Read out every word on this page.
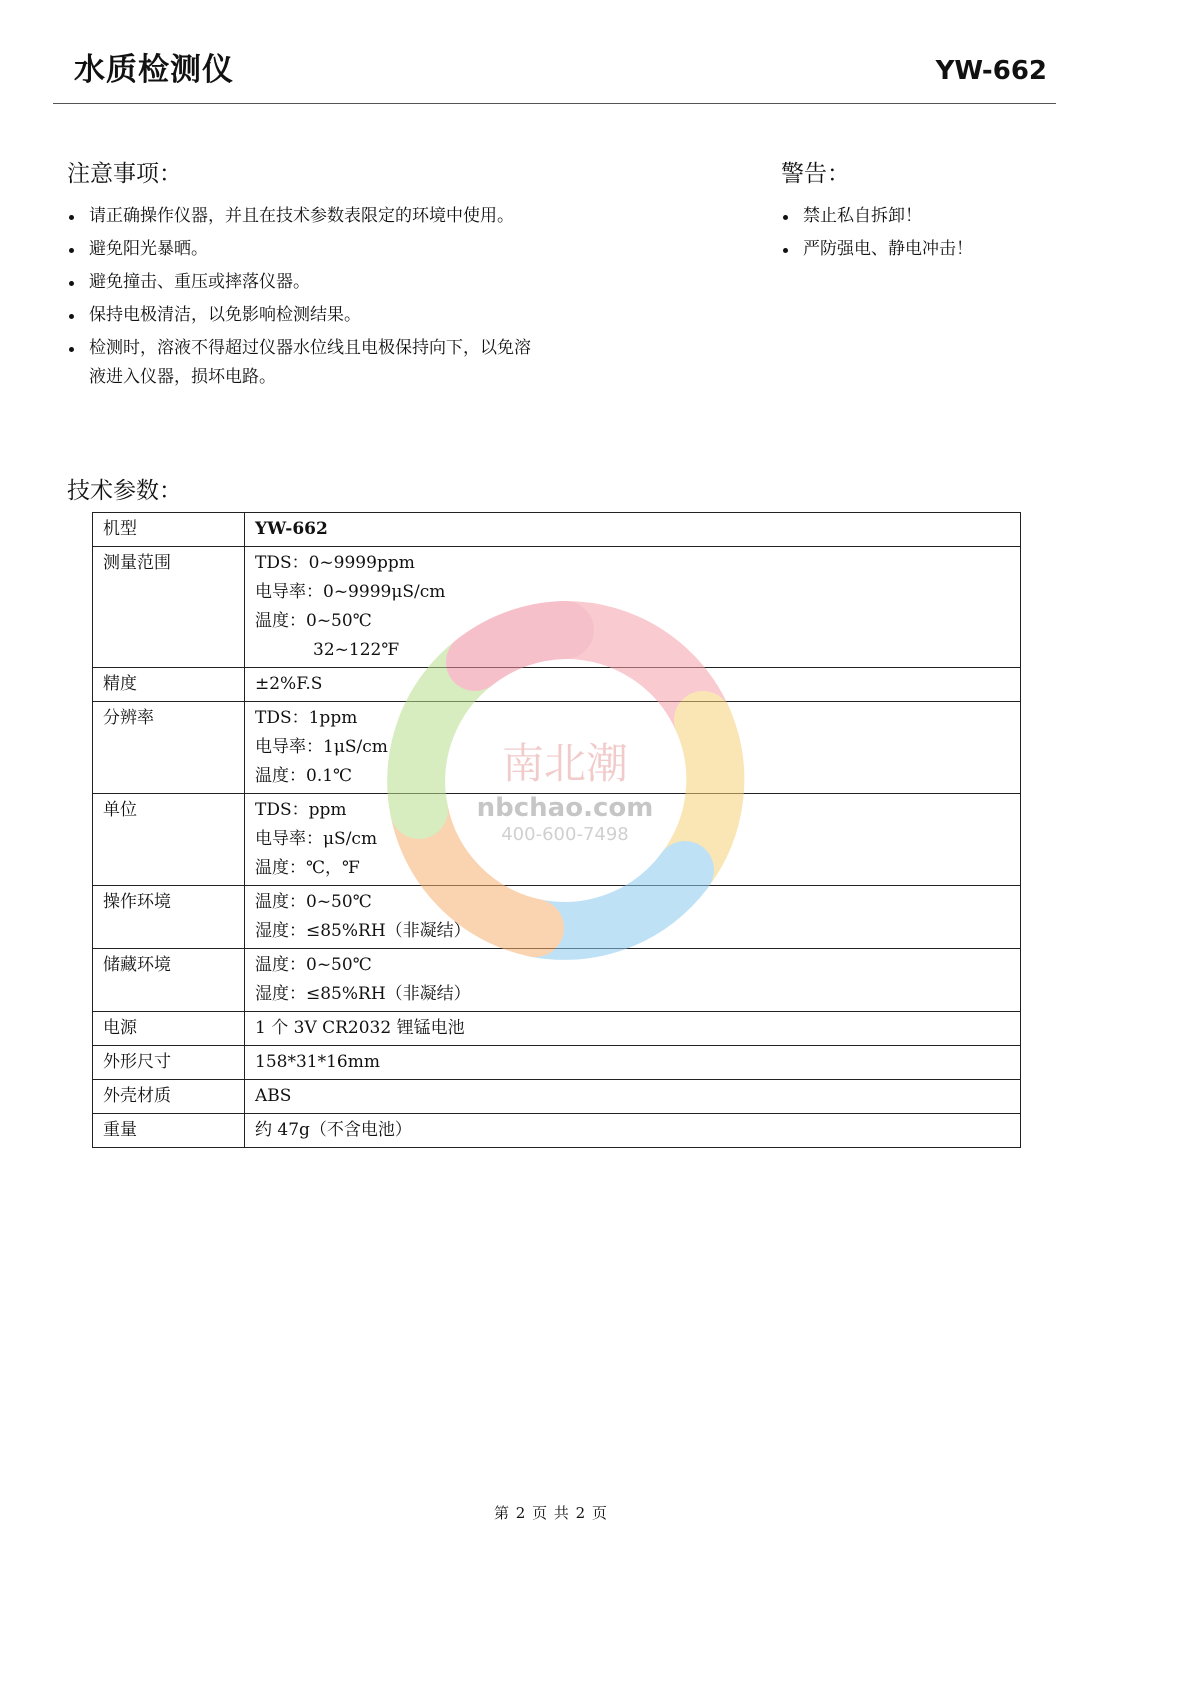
水质检测仪	YW-662
注意事项：
请正确操作仪器，并且在技术参数表限定的环境中使用。
避免阳光暴晒。
避免撞击、重压或摔落仪器。
保持电极清洁，以免影响检测结果。
检测时，溶液不得超过仪器水位线且电极保持向下，以免溶
液进入仪器，损坏电路。
警告：
禁止私自拆卸！
严防强电、静电冲击！
技术参数：
机型	YW-662

测量范围	TDS：0~9999ppm
电导率：0~9999μS/cm
温度：0~50℃
32~122℉

精度	±2%F.S

分辨率	TDS：1ppm
电导率：1μS/cm
温度：0.1℃

单位	TDS：ppm
电导率：μS/cm
温度：℃，℉

操作环境	温度：0~50℃
湿度：≤85%RH（非凝结）

储藏环境	温度：0~50℃
湿度：≤85%RH（非凝结）

电源	1 个 3V CR2032 锂锰电池

外形尺寸	158*31*16mm

外壳材质	ABS

重量	约 47g（不含电池）
南北潮
nbchao.com
400-600-7498
第 2 页 共 2 页
